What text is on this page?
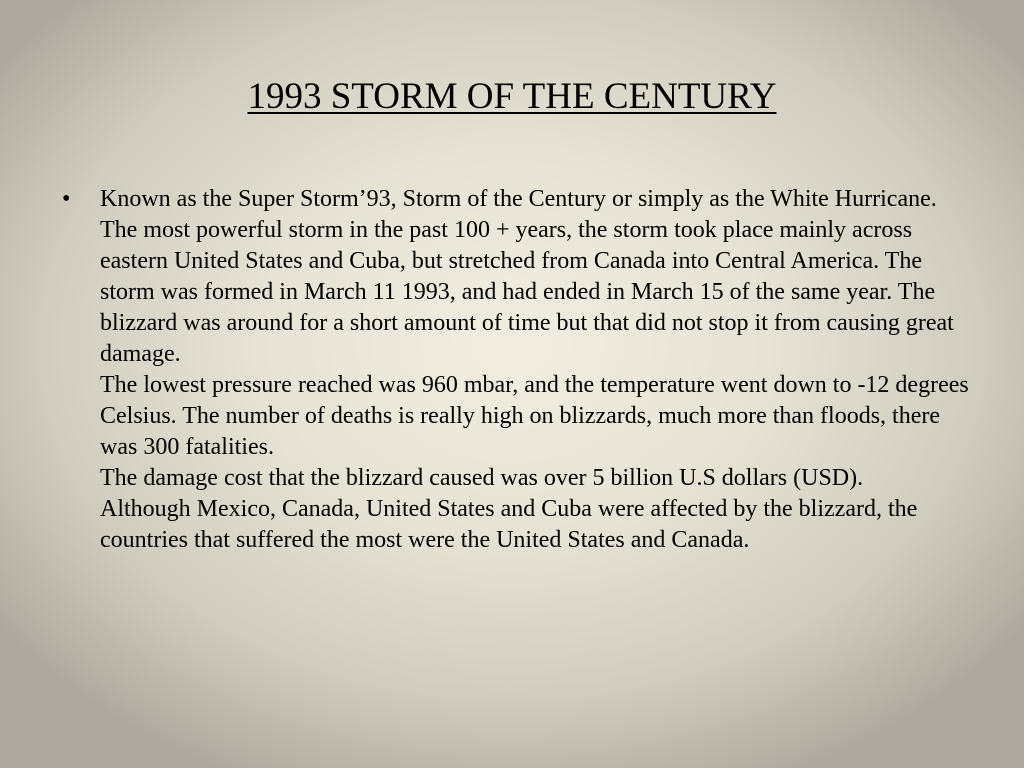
1993 STORM OF THE CENTURY
•	Known as the Super Storm’93, Storm of the Century or simply as the White Hurricane.

The most powerful storm in the past 100 + years, the storm took place mainly across eastern United States and Cuba, but stretched from Canada into Central America. The storm was formed in March 11 1993, and had ended in March 15 of the same year. The blizzard was around for a short amount of time but that did not stop it from causing great damage.

The lowest pressure reached was 960 mbar, and the temperature went down to -12 degrees Celsius. The number of deaths is really high on blizzards, much more than floods, there was 300 fatalities.

The damage cost that the blizzard caused was over 5 billion U.S dollars (USD).

Although Mexico, Canada, United States and Cuba were affected by the blizzard, the countries that suffered the most were the United States and Canada.
